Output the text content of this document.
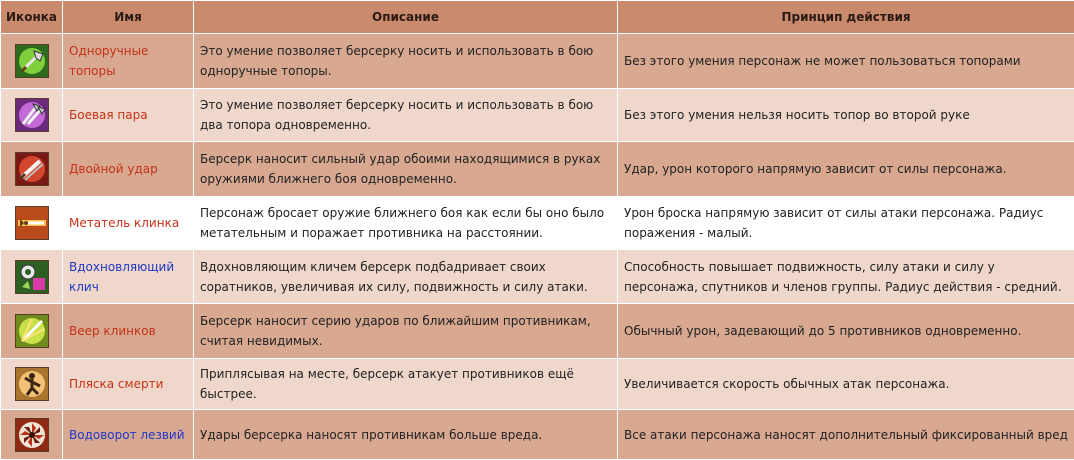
Иконка	Имя	Описание	Принцип действия

Одноручные топоры	Это умение позволяет берсерку носить и использовать в бою одноручные топоры.	Без этого умения персонаж не может пользоваться топорами

Боевая пара	Это умение позволяет берсерку носить и использовать в бою два топора одновременно.	Без этого умения нельзя носить топор во второй руке

Двойной удар	Берсерк наносит сильный удар обоими находящимися в руках оружиями ближнего боя одновременно.	Удар, урон которого напрямую зависит от силы персонажа.

Метатель клинка	Персонаж бросает оружие ближнего боя как если бы оно было метательным и поражает противника на расстоянии.	Урон броска напрямую зависит от силы атаки персонажа. Радиус поражения - малый.

Вдохновляющий клич	Вдохновляющим кличем берсерк подбадривает своих соратников, увеличивая их силу, подвижность и силу атаки.	Способность повышает подвижность, силу атаки и силу у персонажа, спутников и членов группы. Радиус действия - средний.

Веер клинков	Берсерк наносит серию ударов по ближайшим противникам, считая невидимых.	Обычный урон, задевающий до 5 противников одновременно.

Пляска смерти	Приплясывая на месте, берсерк атакует противников ещё быстрее.	Увеличивается скорость обычных атак персонажа.

Водоворот лезвий	Удары берсерка наносят противникам больше вреда.	Все атаки персонажа наносят дополнительный фиксированный вред
